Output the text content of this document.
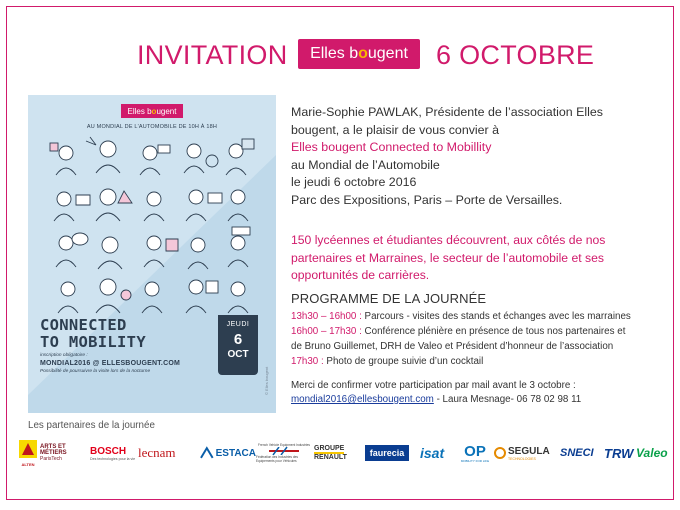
INVITATION Elles b o ugent 6 OCTOBRE
Elles b o ugent
AU MONDIAL DE L'AUTOMOBILE DE 10H À 18H
CONNECTED
TO MOBILITY
inscription obligatoire :
MONDIAL2016 @ ELLESBOUGENT.COM
Possibilité de poursuivre la visite lors de la nocturne
JEUDI
6
OCT
© Elles bougent
Marie-Sophie PAWLAK, Présidente de l’association Elles
bougent, a le plaisir de vous convier à
Elles bougent Connected to Mobillity
au Mondial de l’Automobile
le jeudi 6 octobre 2016
Parc des Expositions, Paris – Porte de Versailles.
150 lycéennes et étudiantes découvrent, aux côtés de nos
partenaires et Marraines, le secteur de l’automobile et ses
opportunités de carrières.
PROGRAMME DE LA JOURNÉE
13h30 – 16h00 : Parcours - visites des stands et échanges avec les marraines
16h00 – 17h30 : Conférence plénière en présence de tous nos partenaires et
de Bruno Guillemet, DRH de Valeo et Président d’honneur de l’association
17h30 : Photo de groupe suivie d’un cocktail
Merci de confirmer votre participation par mail avant le 3 octobre :
mondial2016@ellesbougent.com - Laura Mesnage- 06 78 02 98 11
Les partenaires de la journée
ALTEN
ARTS ET MÉTIERS
ParisTech
BOSCH
Des technologies pour la vie le cnam	ESTACA
French Vehicle Equipment Industries
Fédération des Industries des Equipements pour Véhicules
GROUPE
RENAULT	faurecia	isat OP
MOBILITY FOR LIFE
SEGULA
TECHNOLOGIES	SNECI TRW Valeo
